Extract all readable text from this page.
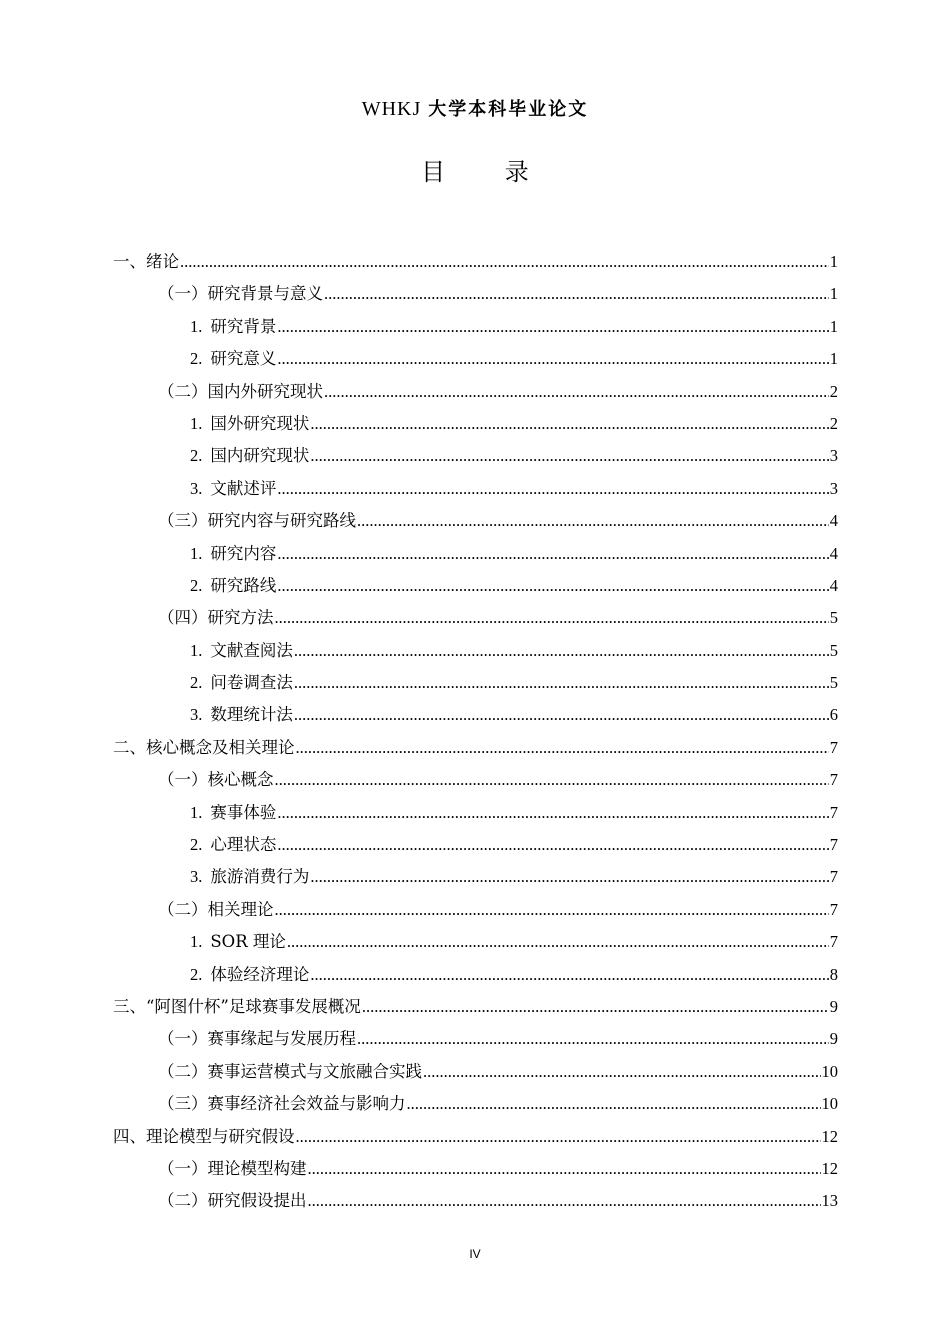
WHKJ 大学本科毕业论文
目 录
一、绪论 .....	1
（一）研究背景与意义 .....	1
1. 研究背景 .....	1
2. 研究意义 .....	1
（二）国内外研究现状 .....	2
1. 国外研究现状 .....	2
2. 国内研究现状 .....	3
3. 文献述评 .....	3
（三）研究内容与研究路线 .....	4
1. 研究内容 .....	4
2. 研究路线 .....	4
（四）研究方法 .....	5
1. 文献查阅法 .....	5
2. 问卷调查法 .....	5
3. 数理统计法 .....	6
二、核心概念及相关理论 .....	7
（一）核心概念 .....	7
1. 赛事体验 .....	7
2. 心理状态 .....	7
3. 旅游消费行为 .....	7
（二）相关理论 .....	7
1. SOR 理论 .....	7
2. 体验经济理论 .....	8
三、“阿图什杯”足球赛事发展概况 .....	9
（一）赛事缘起与发展历程 .....	9
（二）赛事运营模式与文旅融合实践 .....	10
（三）赛事经济社会效益与影响力 .....	10
四、理论模型与研究假设 .....	12
（一）理论模型构建 .....	12
（二）研究假设提出 .....	13
IV
